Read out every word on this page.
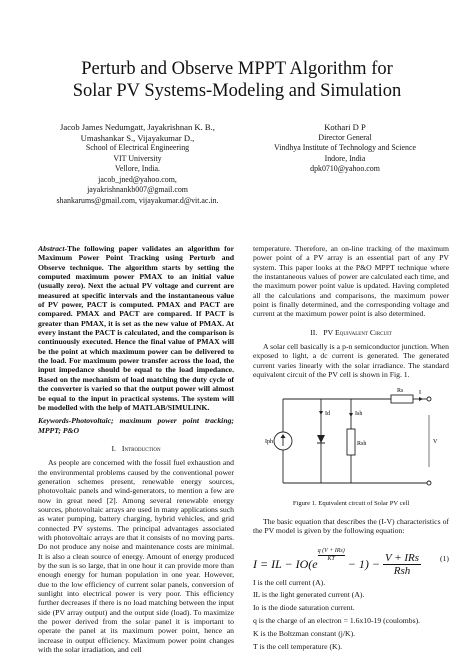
Perturb and Observe MPPT Algorithm for
Solar PV Systems-Modeling and Simulation
Jacob James Nedumgatt, Jayakrishnan K. B.,
Umashankar S., Vijayakumar D.,
School of Electrical Engineering
VIT University
Vellore, India.
jacob_jned@yahoo.com,
jayakrishnankb007@gmail.com
shankarums@gmail.com, vijayakumar.d@vit.ac.in.
Kothari D P
Director General
Vindhya Institute of Technology and Science
Indore, India
dpk0710@yahoo.com
Abstract-The following paper validates an algorithm for Maximum Power Point Tracking using Perturb and Observe technique. The algorithm starts by setting the computed maximum power PMAX to an initial value (usually zero). Next the actual PV voltage and current are measured at specific intervals and the instantaneous value of PV power, PACT is computed. PMAX and PACT are compared. PMAX and PACT are compared. If PACT is greater than PMAX, it is set as the new value of PMAX. At every instant the PACT is calculated, and the comparison is continuously executed. Hence the final value of PMAX will be the point at which maximum power can be delivered to the load. For maximum power transfer across the load, the input impedance should be equal to the load impedance. Based on the mechanism of load matching the duty cycle of the converter is varied so that the output power will almost be equal to the input in practical systems. The system will be modelled with the help of MATLAB/SIMULINK.
Keywords-Photovoltaic; maximum power point tracking; MPPT; P&O
I. Introduction

As people are concerned with the fossil fuel exhaustion and the environmental problems caused by the conventional power generation schemes present, renewable energy sources, photovoltaic panels and wind-generators, to mention a few are now in great need [2]. Among several renewable energy sources, photovoltaic arrays are used in many applications such as water pumping, battery charging, hybrid vehicles, and grid connected PV systems. The principal advantages associated with photovoltaic arrays are that it consists of no moving parts. Do not produce any noise and maintenance costs are minimal. It is also a clean source of energy. Amount of energy produced by the sun is so large, that in one hour it can provide more than enough energy for human population in one year. However, due to the low efficiency of current solar panels, conversion of sunlight into electrical power is very poor. This efficiency further decreases if there is no load matching between the input side (PV array output) and the output side (load). To maximize the power derived from the solar panel it is important to operate the panel at its maximum power point, hence an increase in output efficiency. Maximum power point changes with the solar irradiation, and cell

temperature. Therefore, an on-line tracking of the maximum power point of a PV array is an essential part of any PV system. This paper looks at the P&O MPPT technique where the instantaneous values of power are calculated each time, and the maximum power point value is updated. Having completed all the calculations and comparisons, the maximum power point is finally determined, and the corresponding voltage and current at the maximum power point is also determined.

II. PV Equivalent Circuit

A solar cell basically is a p-n semiconductor junction. When exposed to light, a dc current is generated. The generated current varies linearly with the solar irradiance. The standard equivalent circuit of the PV cell is shown in Fig. 1.

Iph
Id	Ish
Rsh
Rs	I
V
Figure 1. Equivalent circuit of Solar PV cell

The basic equation that describes the (I-V) characteristics of the PV model is given by the following equation:

I = IL − IO(e
$^{q (V + IRs) KT}$ − 1) − V + IRs
Rsh
(1)
I is the cell current (A).
IL is the light generated current (A).
Io is the diode saturation current.
q is the charge of an electron = 1.6x10-19 (coulombs).
K is the Boltzman constant (j/K).
T is the cell temperature (K).
